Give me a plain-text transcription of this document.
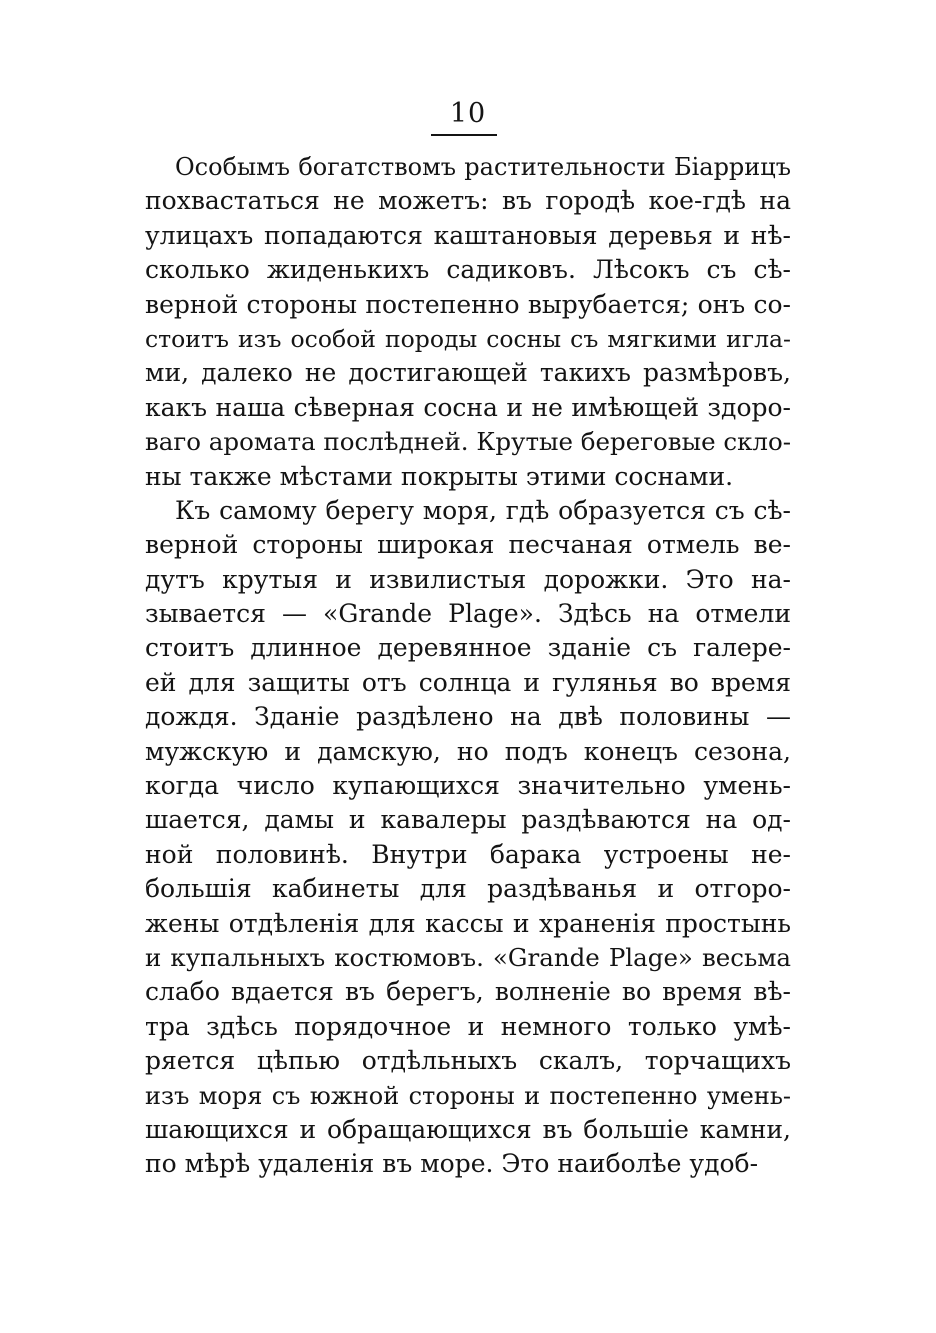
10
Особымъ богатствомъ растительности Біаррицъ
похвастаться не можетъ: въ городѣ кое-гдѣ на
улицахъ попадаются каштановыя деревья и нѣ-
сколько жиденькихъ садиковъ. Лѣсокъ съ сѣ-
верной стороны постепенно вырубается; онъ со-
стоитъ изъ особой породы сосны съ мягкими игла-
ми, далеко не достигающей такихъ размѣровъ,
какъ наша сѣверная сосна и не имѣющей здоро-
ваго аромата послѣдней. Крутые береговые скло-
ны также мѣстами покрыты этими соснами.
Къ самому берегу моря, гдѣ образуется съ сѣ-
верной стороны широкая песчаная отмель ве-
дутъ крутыя и извилистыя дорожки. Это на-
зывается — «Grande Plage». Здѣсь на отмели
стоитъ длинное деревянное зданіе съ галере-
ей для защиты отъ солнца и гулянья во время
дождя. Зданіе раздѣлено на двѣ половины —
мужскую и дамскую, но подъ конецъ сезона,
когда число купающихся значительно умень-
шается, дамы и кавалеры раздѣваются на од-
ной половинѣ. Внутри барака устроены не-
большія кабинеты для раздѣванья и отгоро-
жены отдѣленія для кассы и храненія простынь
и купальныхъ костюмовъ. «Grande Plage» весьма
слабо вдается въ берегъ, волненіе во время вѣ-
тра здѣсь порядочное и немного только умѣ-
ряется цѣпью отдѣльныхъ скалъ, торчащихъ
изъ моря съ южной стороны и постепенно умень-
шающихся и обращающихся въ большіе камни,
по мѣрѣ удаленія въ море. Это наиболѣе удоб-
